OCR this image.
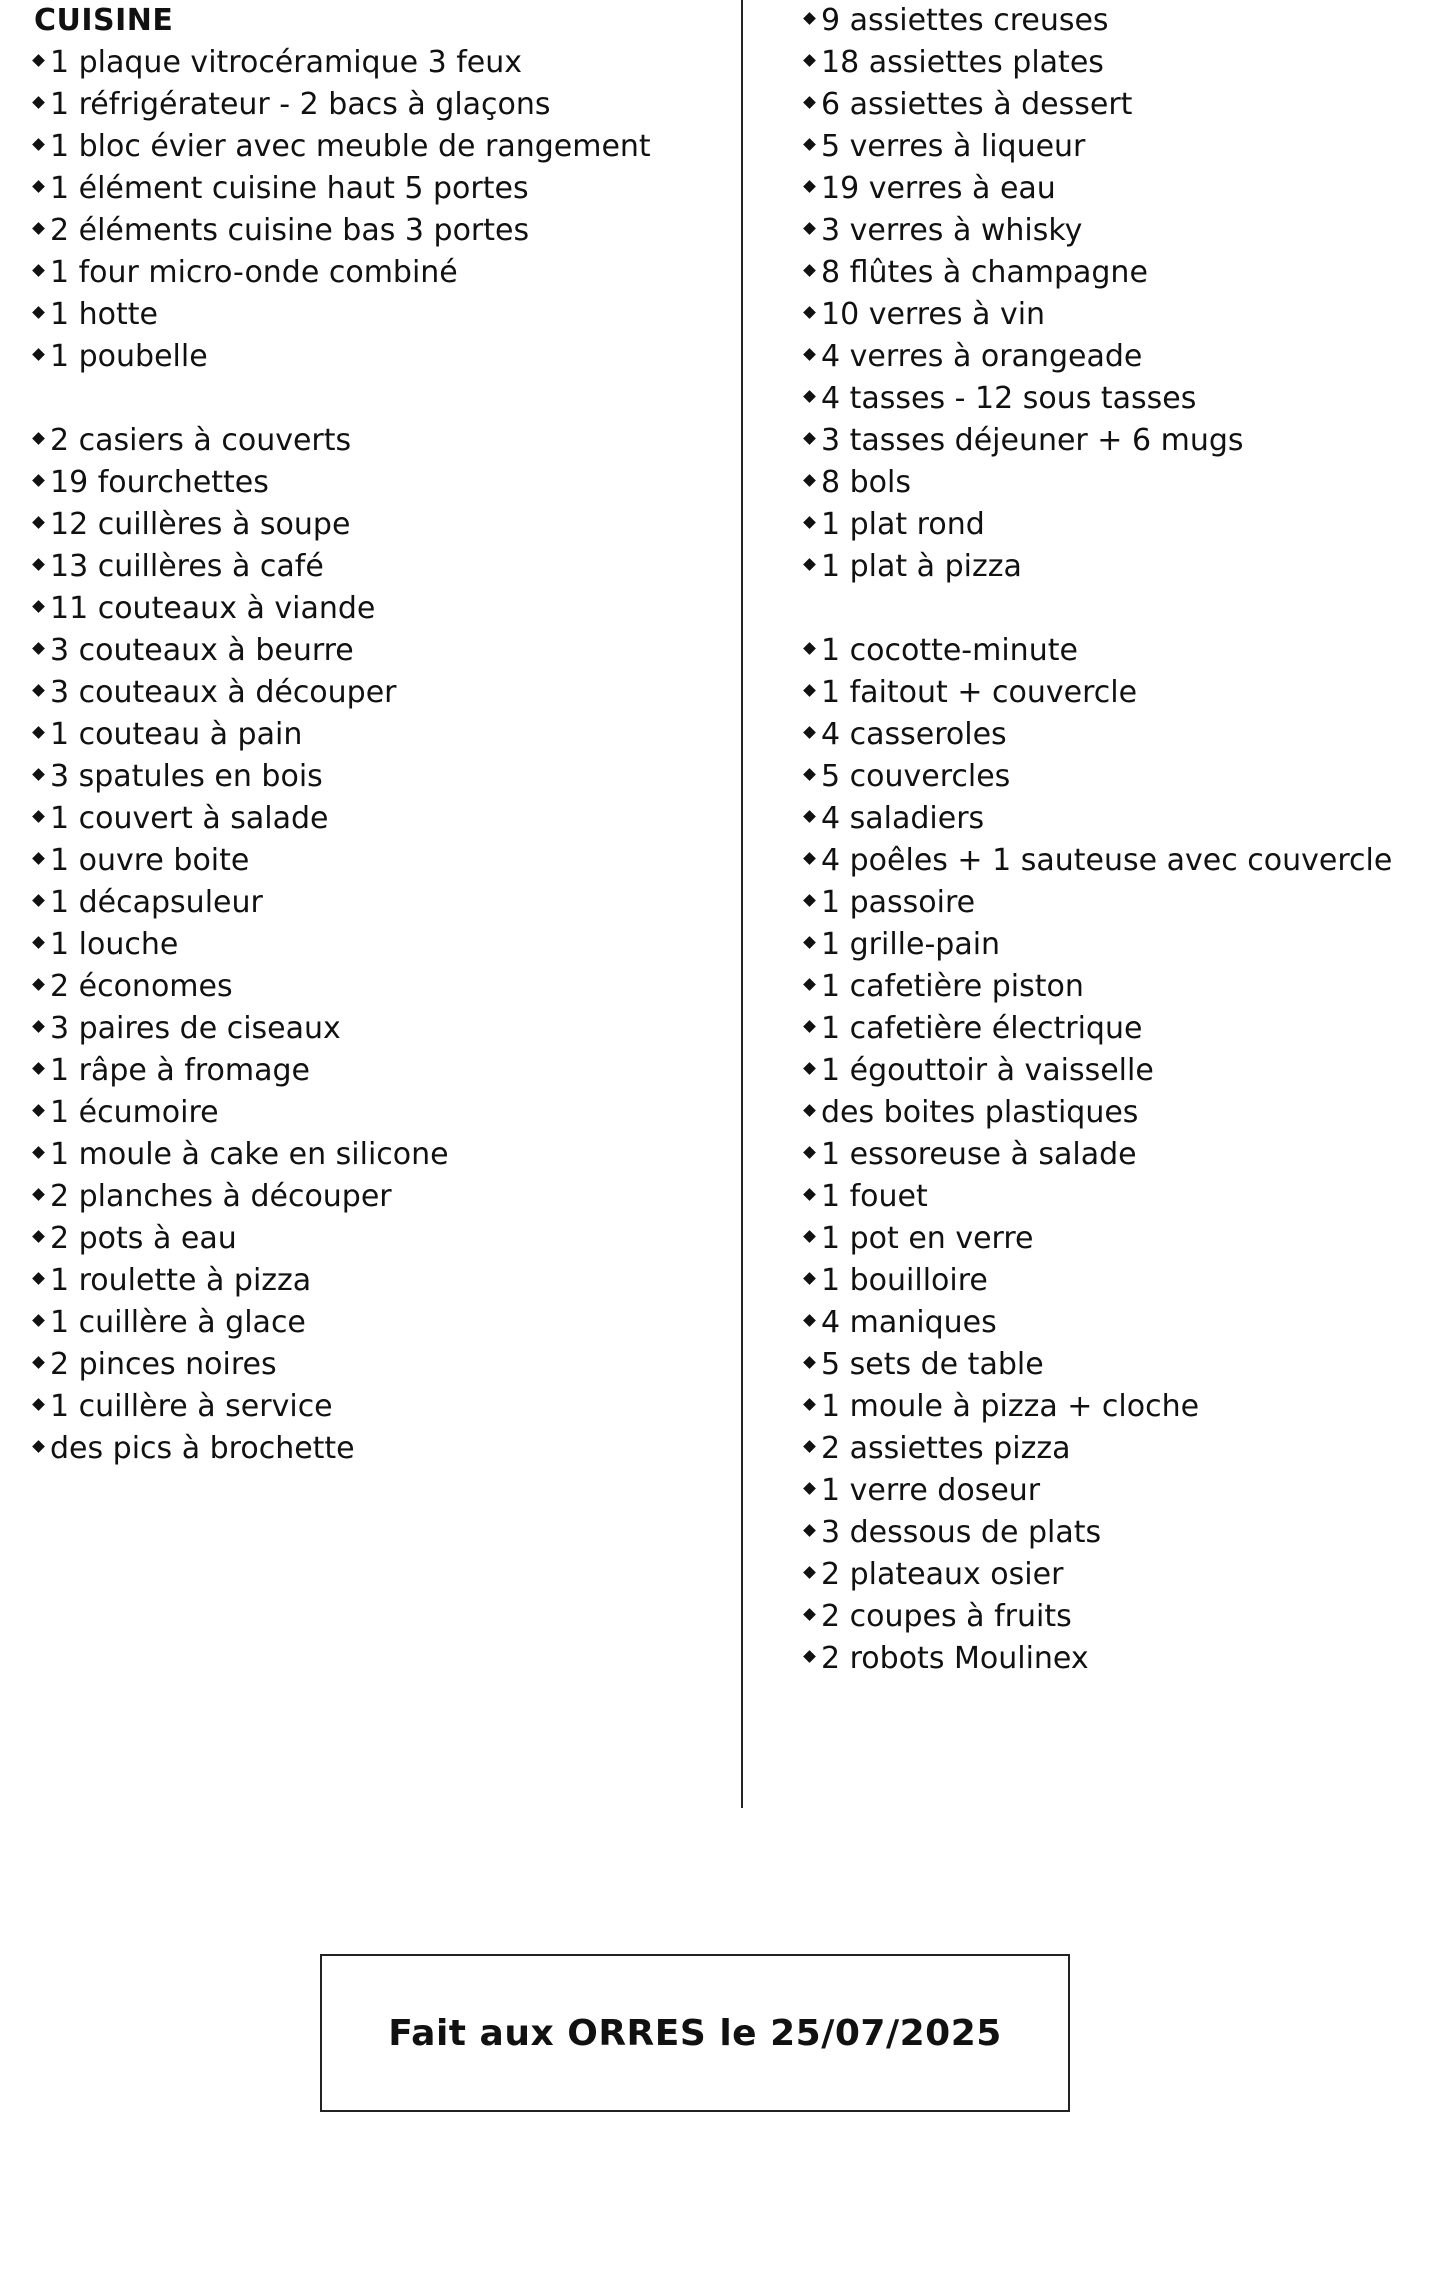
CUISINE
1 plaque vitrocéramique 3 feux
1 réfrigérateur - 2 bacs à glaçons
1 bloc évier avec meuble de rangement
1 élément cuisine haut 5 portes
2 éléments cuisine bas 3 portes
1 four micro-onde combiné
1 hotte
1 poubelle
2 casiers à couverts
19 fourchettes
12 cuillères à soupe
13 cuillères à café
11 couteaux à viande
3 couteaux à beurre
3 couteaux à découper
1 couteau à pain
3 spatules en bois
1 couvert à salade
1 ouvre boite
1 décapsuleur
1 louche
2 économes
3 paires de ciseaux
1 râpe à fromage
1 écumoire
1 moule à cake en silicone
2 planches à découper
2 pots à eau
1 roulette à pizza
1 cuillère à glace
2 pinces noires
1 cuillère à service
des pics à brochette
9 assiettes creuses
18 assiettes plates
6 assiettes à dessert
5 verres à liqueur
19 verres à eau
3 verres à whisky
8 flûtes à champagne
10 verres à vin
4 verres à orangeade
4 tasses - 12 sous tasses
3 tasses déjeuner + 6 mugs
8 bols
1 plat rond
1 plat à pizza
1 cocotte-minute
1 faitout + couvercle
4 casseroles
5 couvercles
4 saladiers
4 poêles + 1 sauteuse avec couvercle
1 passoire
1 grille-pain
1 cafetière piston
1 cafetière électrique
1 égouttoir à vaisselle
des boites plastiques
1 essoreuse à salade
1 fouet
1 pot en verre
1 bouilloire
4 maniques
5 sets de table
1 moule à pizza + cloche
2 assiettes pizza
1 verre doseur
3 dessous de plats
2 plateaux osier
2 coupes à fruits
2 robots Moulinex
Fait aux ORRES le 25/07/2025
